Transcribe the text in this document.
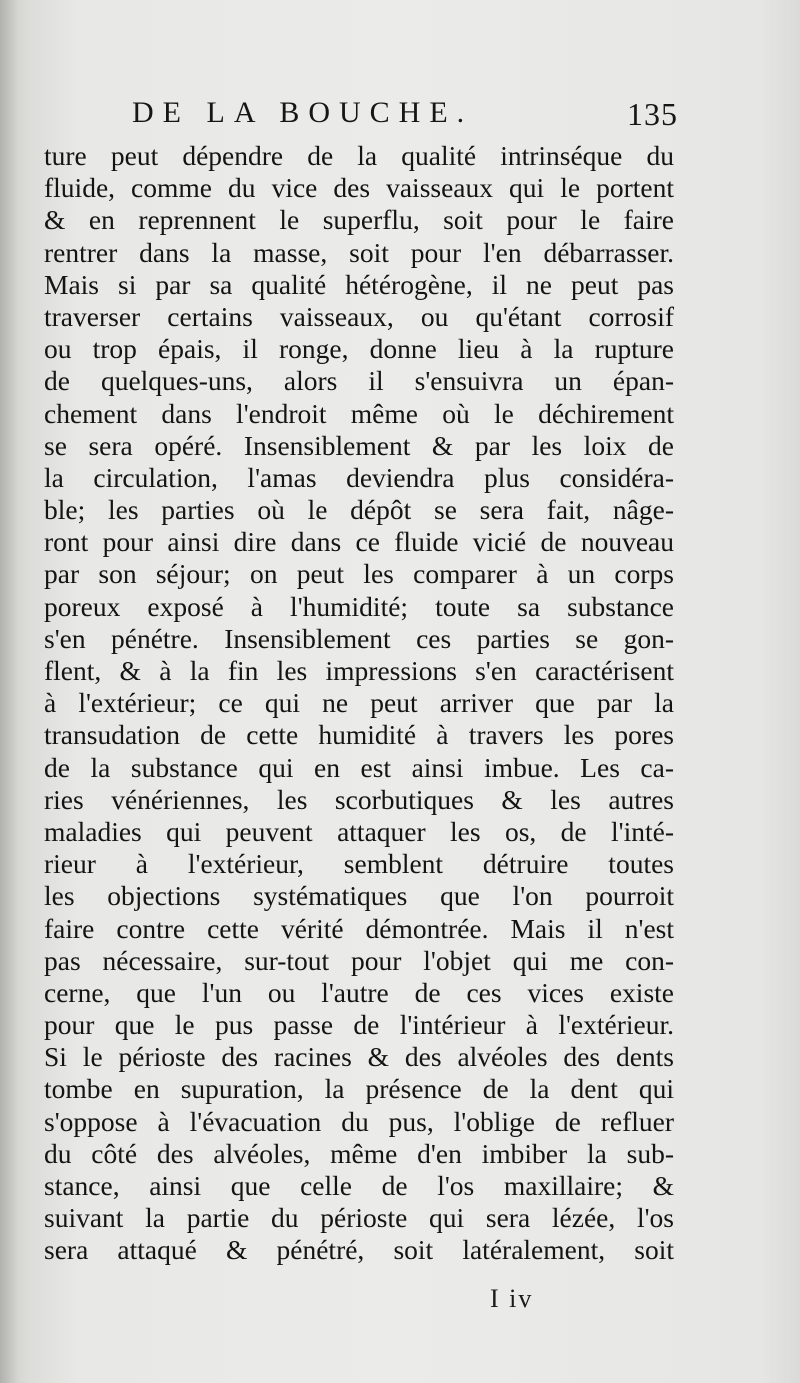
DE LA BOUCHE.	135
ture peut dépendre de la qualité intrinséque du
fluide, comme du vice des vaisseaux qui le portent
& en reprennent le superflu, soit pour le faire
rentrer dans la masse, soit pour l'en débarrasser.
Mais si par sa qualité hétérogène, il ne peut pas
traverser certains vaisseaux, ou qu'étant corrosif
ou trop épais, il ronge, donne lieu à la rupture
de quelques-uns, alors il s'ensuivra un épan-
chement dans l'endroit même où le déchirement
se sera opéré. Insensiblement & par les loix de
la circulation, l'amas deviendra plus considéra-
ble; les parties où le dépôt se sera fait, nâge-
ront pour ainsi dire dans ce fluide vicié de nouveau
par son séjour; on peut les comparer à un corps
poreux exposé à l'humidité; toute sa substance
s'en pénétre. Insensiblement ces parties se gon-
flent, & à la fin les impressions s'en caractérisent
à l'extérieur; ce qui ne peut arriver que par la
transudation de cette humidité à travers les pores
de la substance qui en est ainsi imbue. Les ca-
ries vénériennes, les scorbutiques & les autres
maladies qui peuvent attaquer les os, de l'inté-
rieur à l'extérieur, semblent détruire toutes
les objections systématiques que l'on pourroit
faire contre cette vérité démontrée. Mais il n'est
pas nécessaire, sur-tout pour l'objet qui me con-
cerne, que l'un ou l'autre de ces vices existe
pour que le pus passe de l'intérieur à l'extérieur.
Si le périoste des racines & des alvéoles des dents
tombe en supuration, la présence de la dent qui
s'oppose à l'évacuation du pus, l'oblige de refluer
du côté des alvéoles, même d'en imbiber la sub-
stance, ainsi que celle de l'os maxillaire; &
suivant la partie du périoste qui sera lézée, l'os
sera attaqué & pénétré, soit latéralement, soit
I iv
